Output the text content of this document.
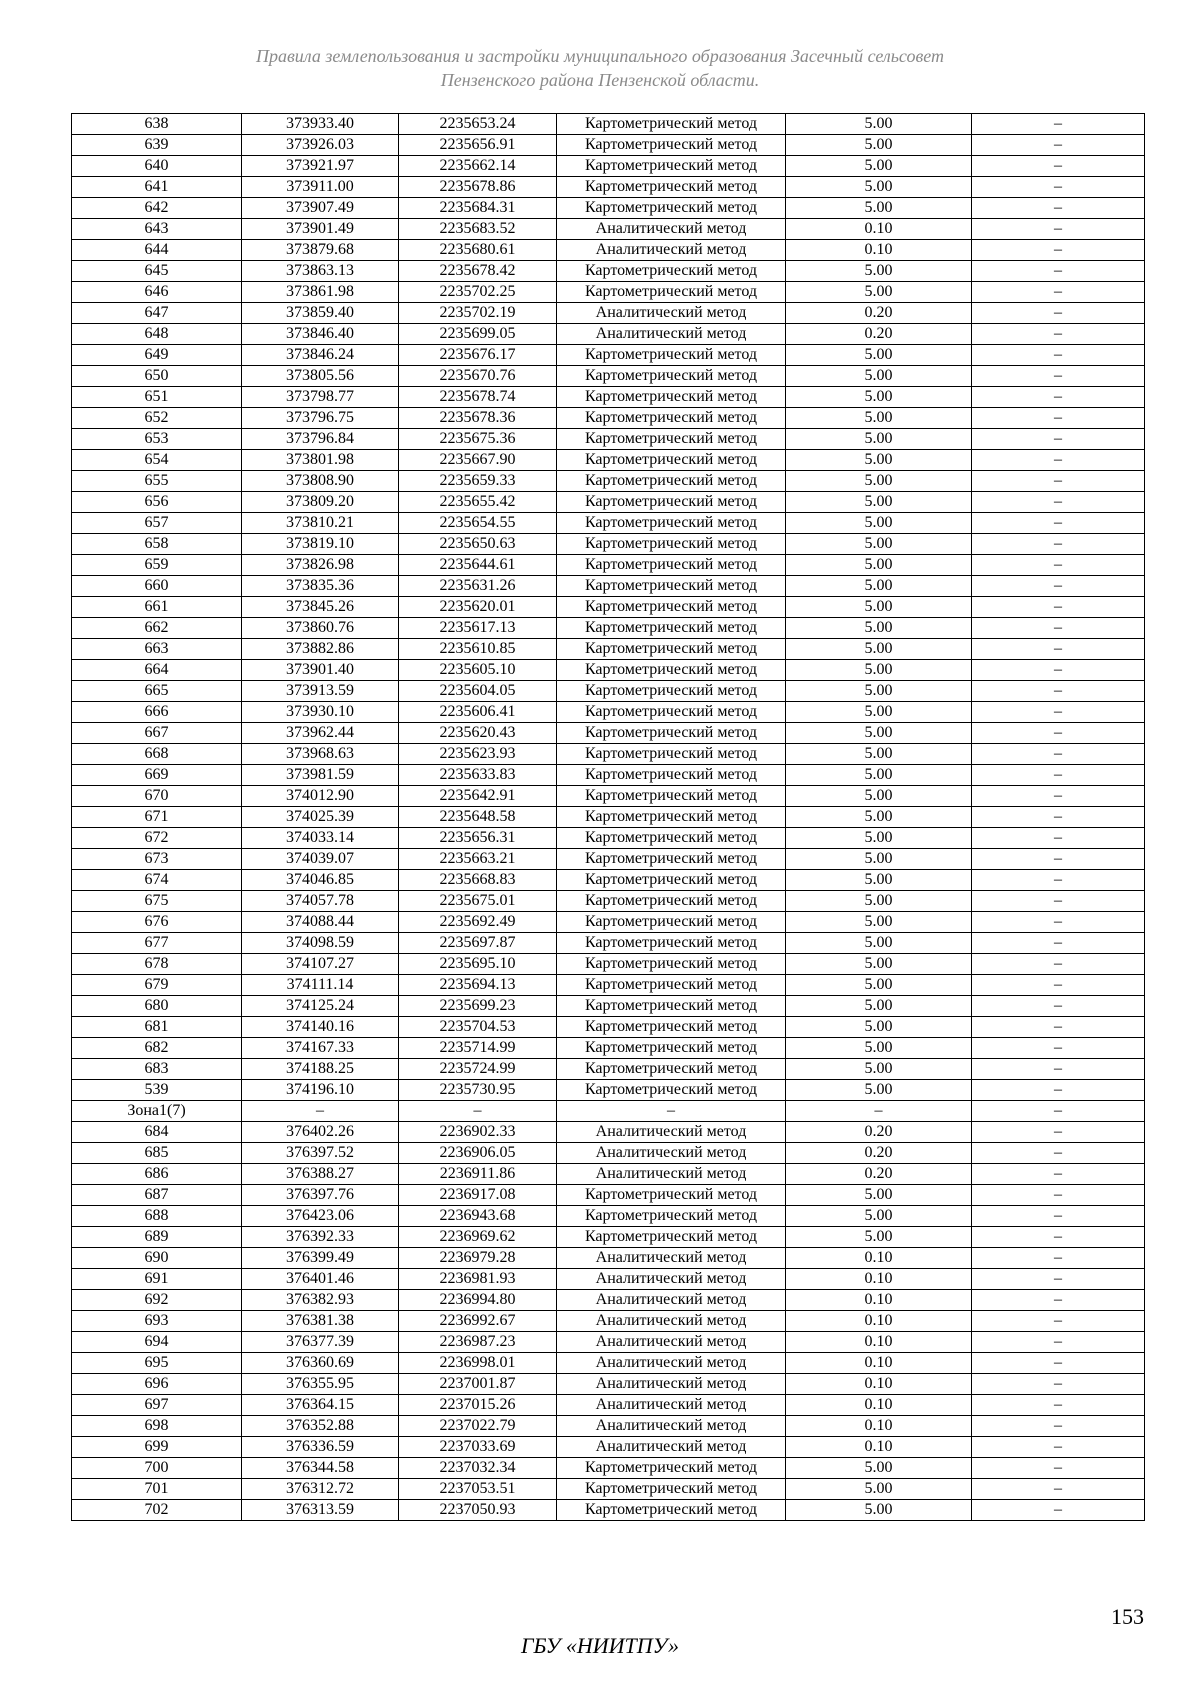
Правила землепользования и застройки муниципального образования Засечный сельсовет
Пензенского района Пензенской области.
638	373933.40	2235653.24	Картометрический метод	5.00	–
639	373926.03	2235656.91	Картометрический метод	5.00	–
640	373921.97	2235662.14	Картометрический метод	5.00	–
641	373911.00	2235678.86	Картометрический метод	5.00	–
642	373907.49	2235684.31	Картометрический метод	5.00	–
643	373901.49	2235683.52	Аналитический метод	0.10	–
644	373879.68	2235680.61	Аналитический метод	0.10	–
645	373863.13	2235678.42	Картометрический метод	5.00	–
646	373861.98	2235702.25	Картометрический метод	5.00	–
647	373859.40	2235702.19	Аналитический метод	0.20	–
648	373846.40	2235699.05	Аналитический метод	0.20	–
649	373846.24	2235676.17	Картометрический метод	5.00	–
650	373805.56	2235670.76	Картометрический метод	5.00	–
651	373798.77	2235678.74	Картометрический метод	5.00	–
652	373796.75	2235678.36	Картометрический метод	5.00	–
653	373796.84	2235675.36	Картометрический метод	5.00	–
654	373801.98	2235667.90	Картометрический метод	5.00	–
655	373808.90	2235659.33	Картометрический метод	5.00	–
656	373809.20	2235655.42	Картометрический метод	5.00	–
657	373810.21	2235654.55	Картометрический метод	5.00	–
658	373819.10	2235650.63	Картометрический метод	5.00	–
659	373826.98	2235644.61	Картометрический метод	5.00	–
660	373835.36	2235631.26	Картометрический метод	5.00	–
661	373845.26	2235620.01	Картометрический метод	5.00	–
662	373860.76	2235617.13	Картометрический метод	5.00	–
663	373882.86	2235610.85	Картометрический метод	5.00	–
664	373901.40	2235605.10	Картометрический метод	5.00	–
665	373913.59	2235604.05	Картометрический метод	5.00	–
666	373930.10	2235606.41	Картометрический метод	5.00	–
667	373962.44	2235620.43	Картометрический метод	5.00	–
668	373968.63	2235623.93	Картометрический метод	5.00	–
669	373981.59	2235633.83	Картометрический метод	5.00	–
670	374012.90	2235642.91	Картометрический метод	5.00	–
671	374025.39	2235648.58	Картометрический метод	5.00	–
672	374033.14	2235656.31	Картометрический метод	5.00	–
673	374039.07	2235663.21	Картометрический метод	5.00	–
674	374046.85	2235668.83	Картометрический метод	5.00	–
675	374057.78	2235675.01	Картометрический метод	5.00	–
676	374088.44	2235692.49	Картометрический метод	5.00	–
677	374098.59	2235697.87	Картометрический метод	5.00	–
678	374107.27	2235695.10	Картометрический метод	5.00	–
679	374111.14	2235694.13	Картометрический метод	5.00	–
680	374125.24	2235699.23	Картометрический метод	5.00	–
681	374140.16	2235704.53	Картометрический метод	5.00	–
682	374167.33	2235714.99	Картометрический метод	5.00	–
683	374188.25	2235724.99	Картометрический метод	5.00	–
539	374196.10	2235730.95	Картометрический метод	5.00	–
Зона1(7)	–	–	–	–	–
684	376402.26	2236902.33	Аналитический метод	0.20	–
685	376397.52	2236906.05	Аналитический метод	0.20	–
686	376388.27	2236911.86	Аналитический метод	0.20	–
687	376397.76	2236917.08	Картометрический метод	5.00	–
688	376423.06	2236943.68	Картометрический метод	5.00	–
689	376392.33	2236969.62	Картометрический метод	5.00	–
690	376399.49	2236979.28	Аналитический метод	0.10	–
691	376401.46	2236981.93	Аналитический метод	0.10	–
692	376382.93	2236994.80	Аналитический метод	0.10	–
693	376381.38	2236992.67	Аналитический метод	0.10	–
694	376377.39	2236987.23	Аналитический метод	0.10	–
695	376360.69	2236998.01	Аналитический метод	0.10	–
696	376355.95	2237001.87	Аналитический метод	0.10	–
697	376364.15	2237015.26	Аналитический метод	0.10	–
698	376352.88	2237022.79	Аналитический метод	0.10	–
699	376336.59	2237033.69	Аналитический метод	0.10	–
700	376344.58	2237032.34	Картометрический метод	5.00	–
701	376312.72	2237053.51	Картометрический метод	5.00	–
702	376313.59	2237050.93	Картометрический метод	5.00	–
153
ГБУ «НИИТПУ»
